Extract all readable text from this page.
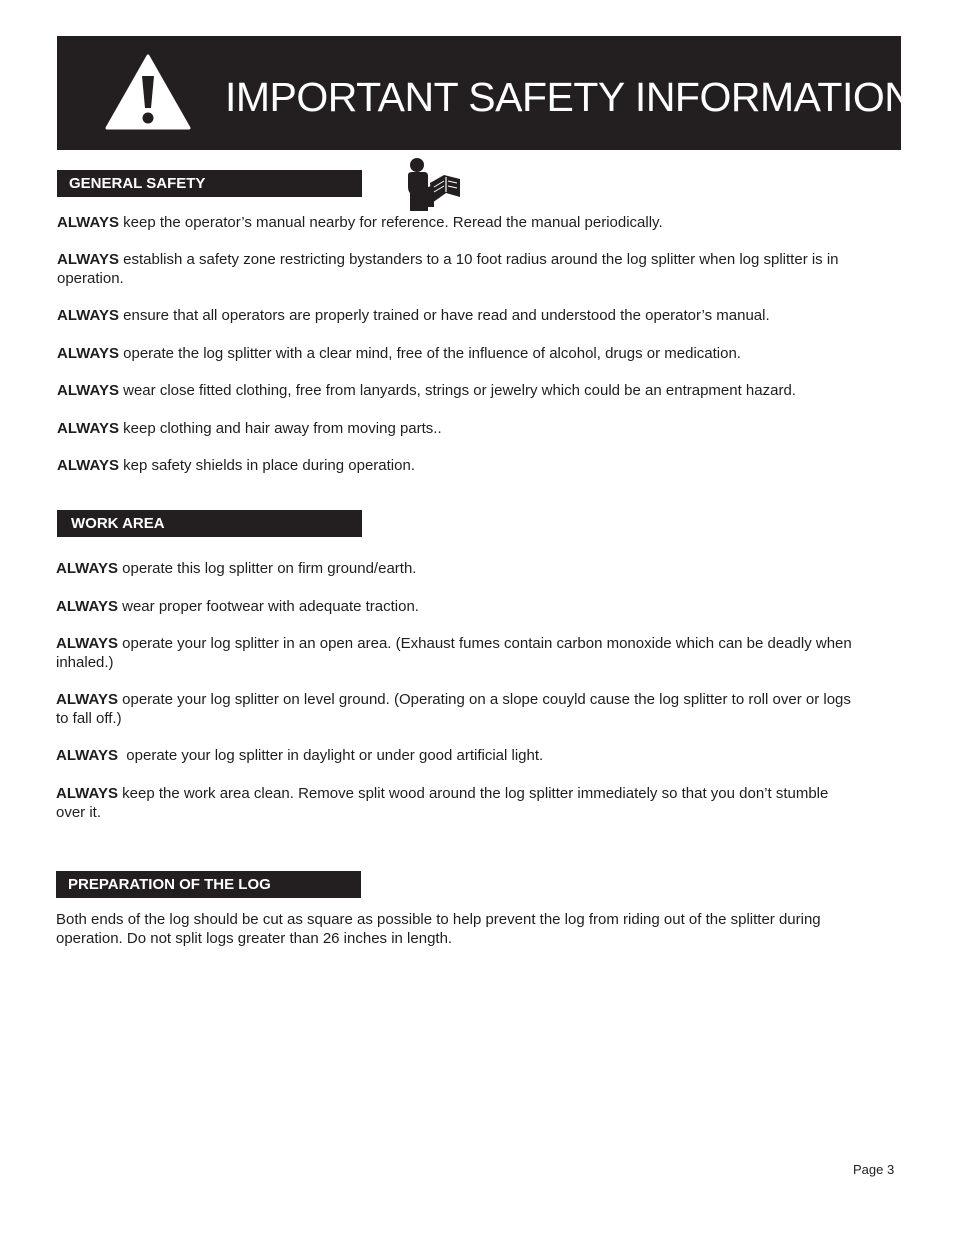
IMPORTANT SAFETY INFORMATION
GENERAL SAFETY

ALWAYS keep the operator’s manual nearby for reference. Reread the manual periodically.

ALWAYS establish a safety zone restricting bystanders to a 10 foot radius around the log splitter when log splitter is in operation.

ALWAYS ensure that all operators are properly trained or have read and understood the operator’s manual.

ALWAYS operate the log splitter with a clear mind, free of the influence of alcohol, drugs or medication.

ALWAYS wear close fitted clothing, free from lanyards, strings or jewelry which could be an entrapment hazard.

ALWAYS keep clothing and hair away from moving parts..

ALWAYS kep safety shields in place during operation.

WORK AREA

ALWAYS operate this log splitter on firm ground/earth.

ALWAYS wear proper footwear with adequate traction.

ALWAYS operate your log splitter in an open area. (Exhaust fumes contain carbon monoxide which can be deadly when inhaled.)

ALWAYS operate your log splitter on level ground. (Operating on a slope couyld cause the log splitter to roll over or logs to fall off.)

ALWAYS  operate your log splitter in daylight or under good artificial light.

ALWAYS keep the work area clean. Remove split wood around the log splitter immediately so that you don’t stumble over it.

PREPARATION OF THE LOG

Both ends of the log should be cut as square as possible to help prevent the log from riding out of the splitter during operation. Do not split logs greater than 26 inches in length.

Page 3
